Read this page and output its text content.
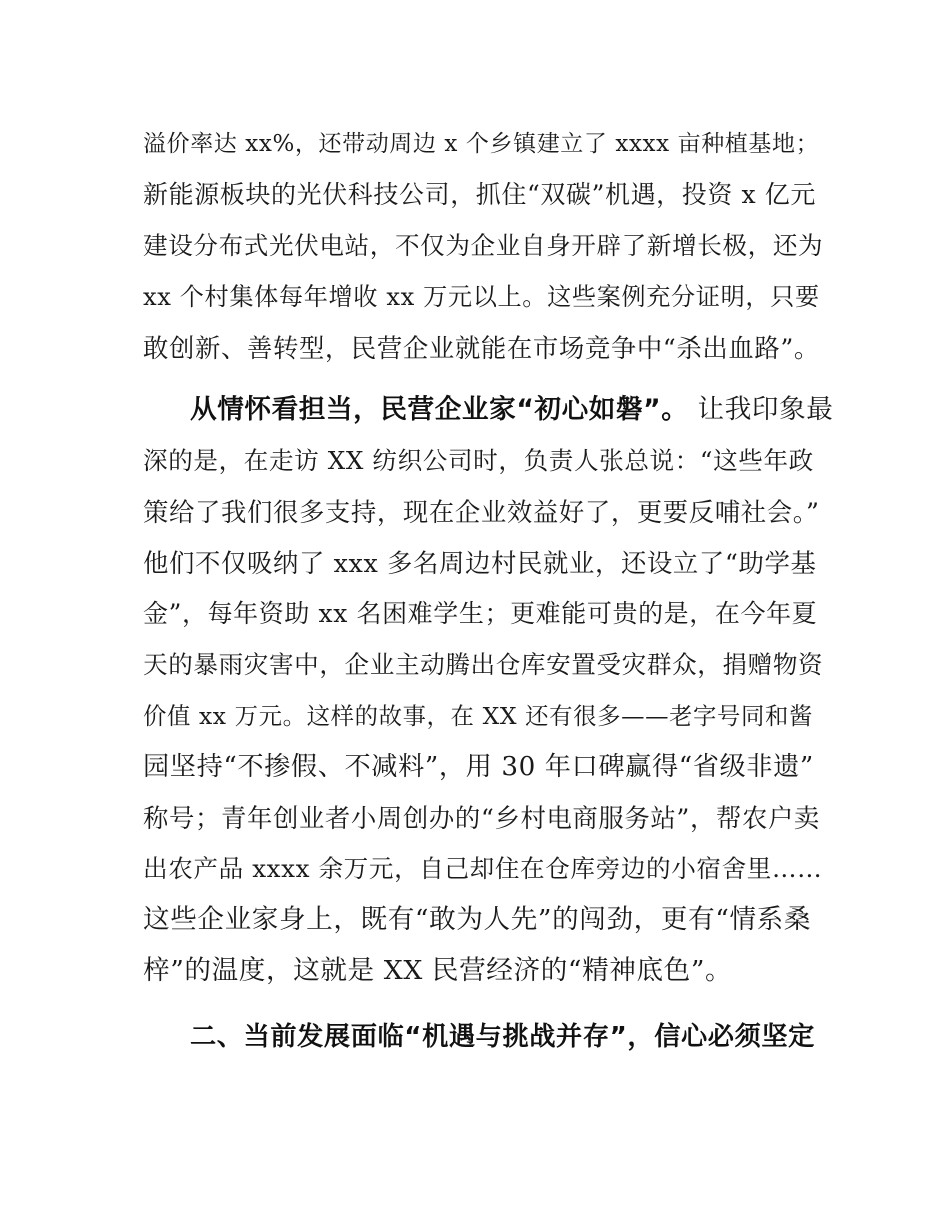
溢价率达 xx%，还带动周边 x 个乡镇建立了 xxxx 亩种植基地；
新能源板块的光伏科技公司，抓住“双碳”机遇，投资 x 亿元
建设分布式光伏电站，不仅为企业自身开辟了新增长极，还为
xx 个村集体每年增收 xx 万元以上。这些案例充分证明，只要
敢创新、善转型，民营企业就能在市场竞争中“杀出血路”。
从情怀看担当，民营企业家“初心如磐”。 让我印象最
深的是，在走访 XX 纺织公司时，负责人张总说：“这些年政
策给了我们很多支持，现在企业效益好了，更要反哺社会。”
他们不仅吸纳了 xxx 多名周边村民就业，还设立了“助学基
金”，每年资助 xx 名困难学生；更难能可贵的是，在今年夏
天的暴雨灾害中，企业主动腾出仓库安置受灾群众，捐赠物资
价值 xx 万元。这样的故事，在 XX 还有很多——老字号同和酱
园坚持“不掺假、不减料”，用 30 年口碑赢得“省级非遗”
称号；青年创业者小周创办的“乡村电商服务站”，帮农户卖
出农产品 xxxx 余万元，自己却住在仓库旁边的小宿舍里……
这些企业家身上，既有“敢为人先”的闯劲，更有“情系桑
梓”的温度，这就是 XX 民营经济的“精神底色”。
二、当前发展面临“机遇与挑战并存”，信心必须坚定
